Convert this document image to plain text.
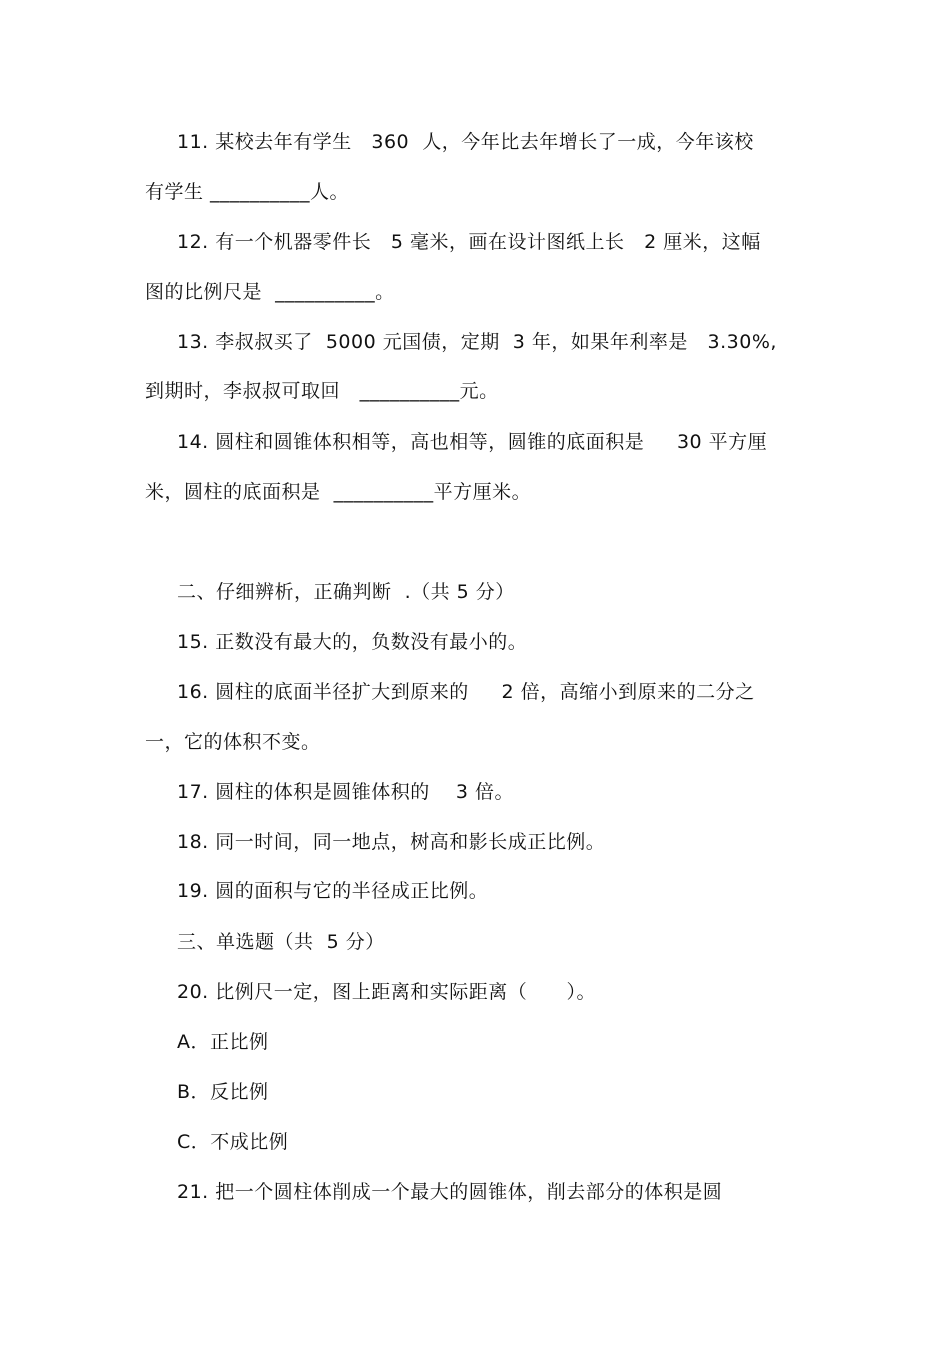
11. 某校去年有学生   360  人，今年比去年增长了一成，今年该校
有学生 __________人。
12. 有一个机器零件长   5 毫米，画在设计图纸上长   2 厘米，这幅
图的比例尺是  __________。
13. 李叔叔买了  5000 元国债，定期  3 年，如果年利率是   3.30%,
到期时，李叔叔可取回   __________元。
14. 圆柱和圆锥体积相等，高也相等，圆锥的底面积是     30 平方厘
米，圆柱的底面积是  __________平方厘米。
二、仔细辨析，正确判断  .（共 5 分）
15. 正数没有最大的，负数没有最小的。
16. 圆柱的底面半径扩大到原来的     2 倍，高缩小到原来的二分之
一，它的体积不变。
17. 圆柱的体积是圆锥体积的    3 倍。
18. 同一时间，同一地点，树高和影长成正比例。
19. 圆的面积与它的半径成正比例。
三、单选题（共  5 分）
20. 比例尺一定，图上距离和实际距离（      ）。
A．正比例
B．反比例
C．不成比例
21. 把一个圆柱体削成一个最大的圆锥体，削去部分的体积是圆
